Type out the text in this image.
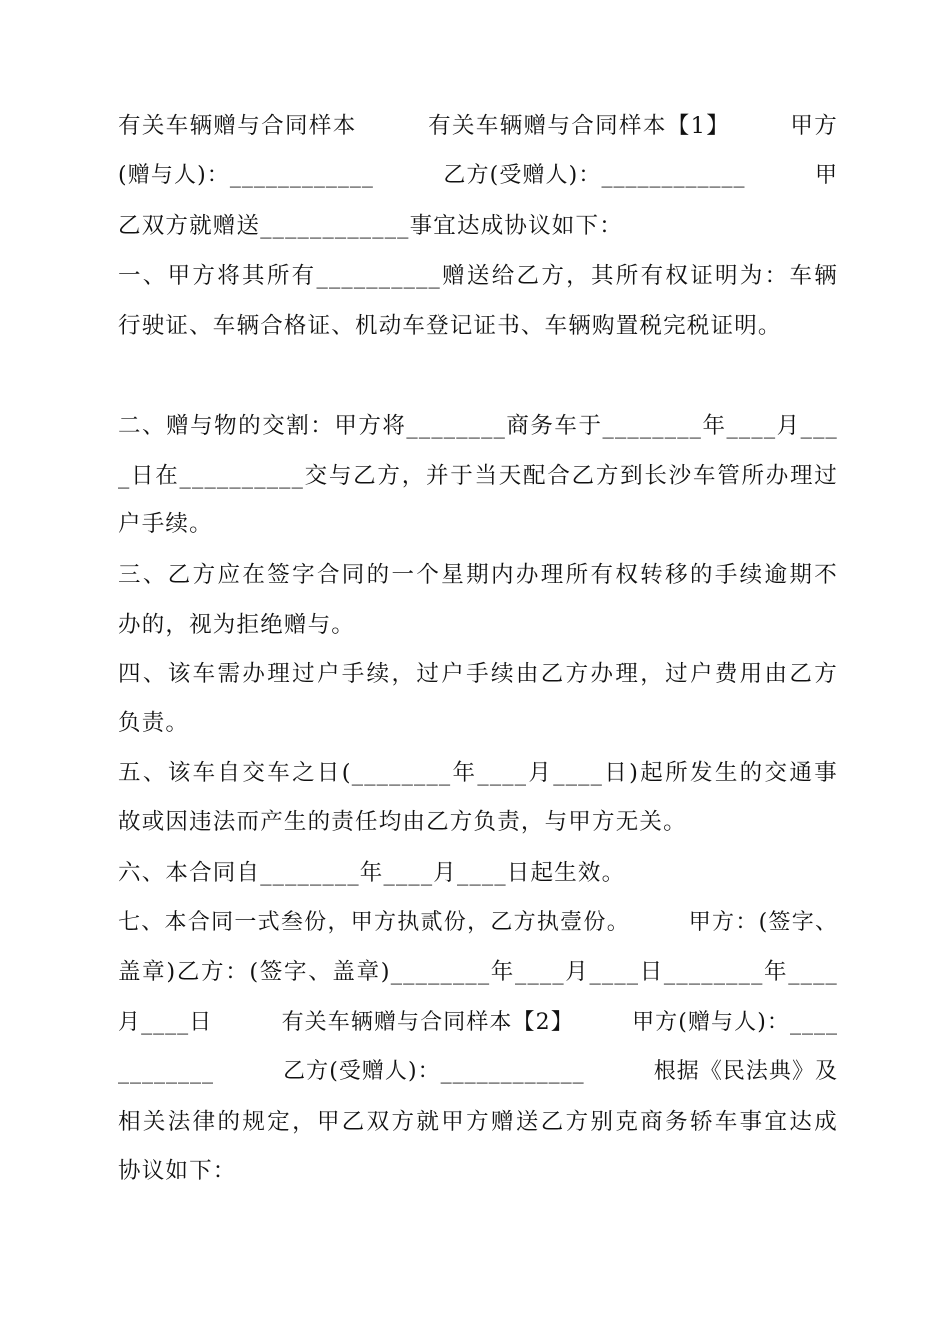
有关车辆赠与合同样本　　　有关车辆赠与合同样本【1】　　　甲方
(赠与人)：____________　　　乙方(受赠人)：____________　　　甲
乙双方就赠送____________事宜达成协议如下：
一、甲方将其所有__________赠送给乙方，其所有权证明为：车辆
行驶证、车辆合格证、机动车登记证书、车辆购置税完税证明。
二、赠与物的交割：甲方将________商务车于________年____月___
_日在__________交与乙方，并于当天配合乙方到长沙车管所办理过
户手续。
三、乙方应在签字合同的一个星期内办理所有权转移的手续逾期不
办的，视为拒绝赠与。
四、该车需办理过户手续，过户手续由乙方办理，过户费用由乙方
负责。
五、该车自交车之日(________年____月____日)起所发生的交通事
故或因违法而产生的责任均由乙方负责，与甲方无关。
六、本合同自________年____月____日起生效。
七、本合同一式叁份，甲方执贰份，乙方执壹份。　　　甲方：(签字、
盖章)乙方：(签字、盖章)________年____月____日________年____
月____日　　　有关车辆赠与合同样本【2】　　　甲方(赠与人)：____
________　　　乙方(受赠人)：____________　　　根据《民法典》及
相关法律的规定，甲乙双方就甲方赠送乙方别克商务轿车事宜达成
协议如下：
